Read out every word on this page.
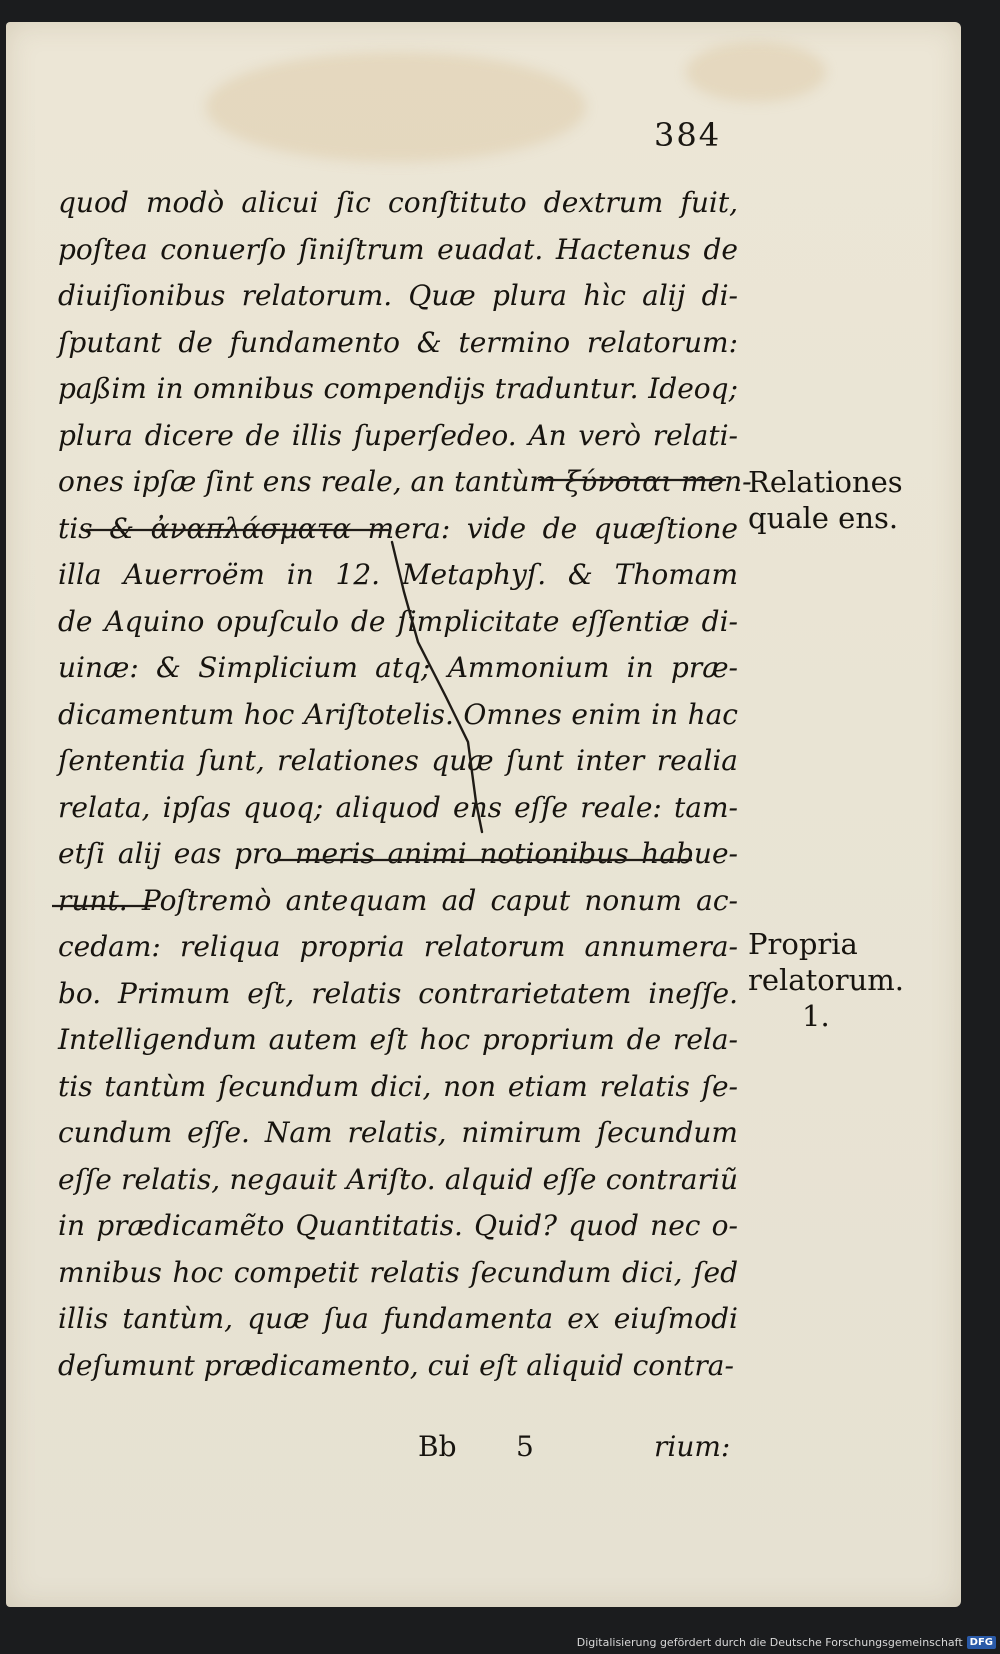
384
quod modò alicui ſic conſtituto dextrum fuit,
poſtea conuerſo ſiniſtrum euadat. Hactenus de
diuiſionibus relatorum. Quæ plura hìc alij di-
ſputant de fundamento & termino relatorum:
paßim in omnibus compendijs traduntur. Ideoq;
plura dicere de illis ſuperſedeo. An verò relati-
ones ipſæ ſint ens reale, an tantùm ξύνοιαι men-
tis & ἀναπλάσματα mera: vide de quæſtione
illa Auerroëm in 12. Metaphyſ. & Thomam
de Aquino opuſculo de ſimplicitate eſſentiæ di-
uinæ: & Simplicium atq; Ammonium in præ-
dicamentum hoc Ariſtotelis. Omnes enim in hac
ſententia ſunt, relationes quæ ſunt inter realia
relata, ipſas quoq; aliquod ens eſſe reale: tam-
etſi alij eas pro meris animi notionibus habue-
runt. Poſtremò antequam ad caput nonum ac-
cedam: reliqua propria relatorum annumera-
bo. Primum eſt, relatis contrarietatem ineſſe.
Intelligendum autem eſt hoc proprium de rela-
tis tantùm ſecundum dici, non etiam relatis ſe-
cundum eſſe. Nam relatis, nimirum ſecundum
eſſe relatis, negauit Ariſto. alquid eſſe contrariũ
in prædicamẽto Quantitatis. Quid? quod nec o-
mnibus hoc competit relatis ſecundum dici, ſed
illis tantùm, quæ ſua fundamenta ex eiuſmodi
deſumunt prædicamento, cui eſt aliquid contra-
Relationes
quale ens.
Propria
relatorum.
1.
Bb 5	rium:
Digitalisierung gefördert durch die Deutsche Forschungsgemeinschaft DFG
